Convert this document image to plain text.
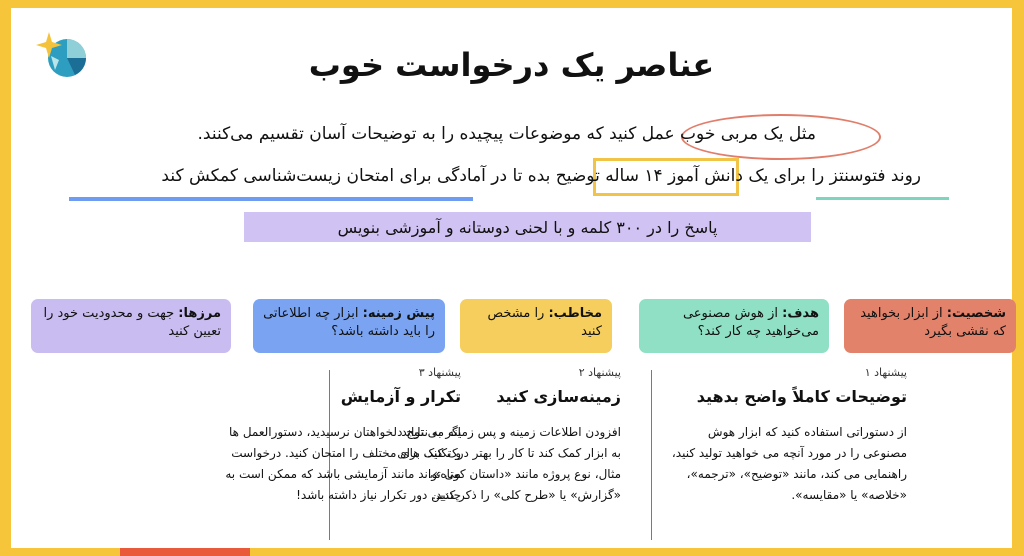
عناصر یک درخواست خوب
مثل یک مربی خوب عمل کنید که موضوعات پیچیده را به توضیحات آسان تقسیم می‌کنند.
روند فتوسنتز را برای یک دانش آموز ۱۴ ساله توضیح بده تا در آمادگی برای امتحان زیست‌شناسی کمکش کند
پاسخ را در ۳۰۰ کلمه و با لحنی دوستانه و آموزشی بنویس
شخصیت: از ابزار بخواهید که نقشی بگیرد
هدف: از هوش مصنوعی می‌خواهید چه کار کند؟
مخاطب: را مشخص کنید
پیش زمینه: ابزار چه اطلاعاتی را باید داشته باشد؟
مرزها: جهت و محدودیت خود را تعیین کنید
پیشنهاد ۱
توضیحات کاملاً واضح بدهید
از دستوراتی استفاده کنید که ابزار هوش مصنوعی را در مورد آنچه می خواهید تولید کنید، راهنمایی می کند، مانند «توضیح»، «ترجمه»، «خلاصه» یا «مقایسه».
پیشنهاد ۲
زمینه‌سازی کنید
افزودن اطلاعات زمینه و پس زمینه می تواند به ابزار کمک کند تا کار را بهتر درک کند. برای مثال، نوع پروژه مانند «داستان کوتاه»، «گزارش» یا «طرح کلی» را ذکر کنید.
پیشنهاد ۳
تکرار و آزمایش
اگر به نتایج دلخواهتان نرسیدید، دستورالعمل ها و تکنیک های مختلف را امتحان کنید. درخواست می تواند مانند آزمایشی باشد که ممکن است به چندین دور تکرار نیاز داشته باشد!
